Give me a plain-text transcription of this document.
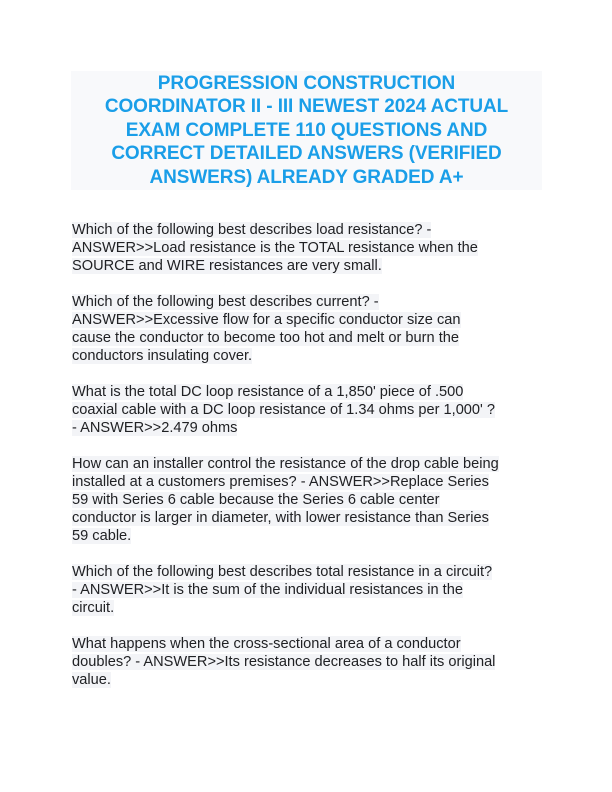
PROGRESSION CONSTRUCTION
COORDINATOR II - III NEWEST 2024 ACTUAL
EXAM COMPLETE 110 QUESTIONS AND
CORRECT DETAILED ANSWERS (VERIFIED
ANSWERS) ALREADY GRADED A+
Which of the following best describes load resistance? -
ANSWER>>Load resistance is the TOTAL resistance when the
SOURCE and WIRE resistances are very small.
Which of the following best describes current? -
ANSWER>>Excessive flow for a specific conductor size can
cause the conductor to become too hot and melt or burn the
conductors insulating cover.
What is the total DC loop resistance of a 1,850' piece of .500
coaxial cable with a DC loop resistance of 1.34 ohms per 1,000' ?
- ANSWER>>2.479 ohms
How can an installer control the resistance of the drop cable being
installed at a customers premises? - ANSWER>>Replace Series
59 with Series 6 cable because the Series 6 cable center
conductor is larger in diameter, with lower resistance than Series
59 cable.
Which of the following best describes total resistance in a circuit?
- ANSWER>>It is the sum of the individual resistances in the
circuit.
What happens when the cross-sectional area of a conductor
doubles? - ANSWER>>Its resistance decreases to half its original
value.
